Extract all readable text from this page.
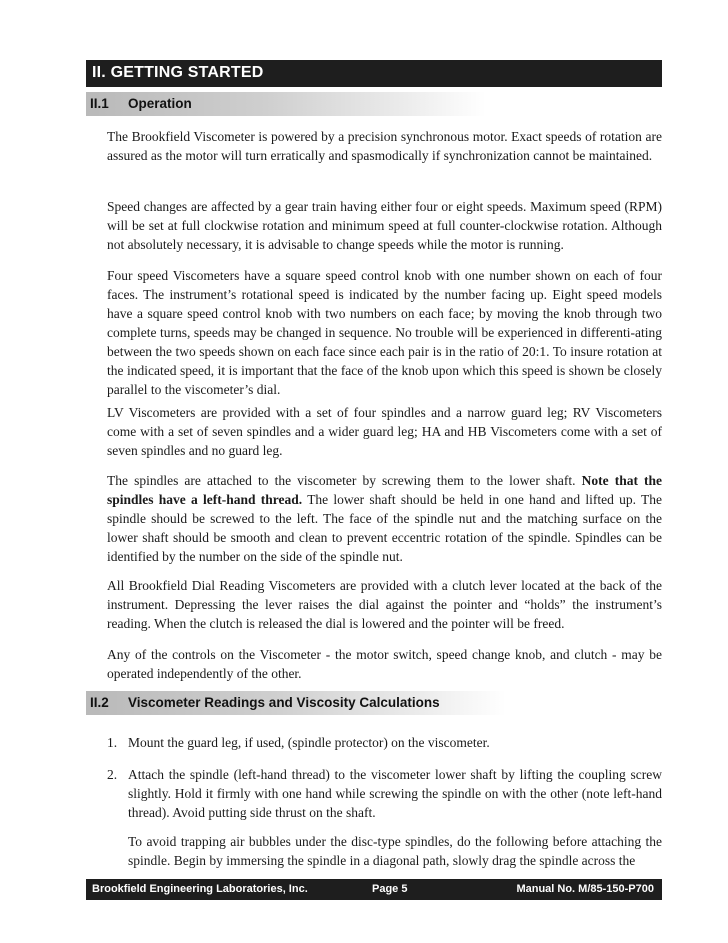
II. GETTING STARTED
II.1 Operation

The Brookfield Viscometer is powered by a precision synchronous motor. Exact speeds of rotation are assured as the motor will turn erratically and spasmodically if synchronization cannot be maintained.

Speed changes are affected by a gear train having either four or eight speeds. Maximum speed (RPM) will be set at full clockwise rotation and minimum speed at full counter-clockwise rotation. Although not absolutely necessary, it is advisable to change speeds while the motor is running.

Four speed Viscometers have a square speed control knob with one number shown on each of four faces. The instrument’s rotational speed is indicated by the number facing up. Eight speed models have a square speed control knob with two numbers on each face; by moving the knob through two complete turns, speeds may be changed in sequence. No trouble will be experienced in differenti-ating between the two speeds shown on each face since each pair is in the ratio of 20:1. To insure rotation at the indicated speed, it is important that the face of the knob upon which this speed is shown be closely parallel to the viscometer’s dial.

LV Viscometers are provided with a set of four spindles and a narrow guard leg; RV Viscometers come with a set of seven spindles and a wider guard leg; HA and HB Viscometers come with a set of seven spindles and no guard leg.

The spindles are attached to the viscometer by screwing them to the lower shaft. Note that the spindles have a left-hand thread. The lower shaft should be held in one hand and lifted up. The spindle should be screwed to the left. The face of the spindle nut and the matching surface on the lower shaft should be smooth and clean to prevent eccentric rotation of the spindle. Spindles can be identified by the number on the side of the spindle nut.

All Brookfield Dial Reading Viscometers are provided with a clutch lever located at the back of the instrument. Depressing the lever raises the dial against the pointer and “holds” the instrument’s reading. When the clutch is released the dial is lowered and the pointer will be freed.

Any of the controls on the Viscometer - the motor switch, speed change knob, and clutch - may be operated independently of the other.

II.2 Viscometer Readings and Viscosity Calculations
1. Mount the guard leg, if used, (spindle protector) on the viscometer.
2. Attach the spindle (left-hand thread) to the viscometer lower shaft by lifting the coupling screw slightly. Hold it firmly with one hand while screwing the spindle on with the other (note left-hand thread). Avoid putting side thrust on the shaft.

To avoid trapping air bubbles under the disc-type spindles, do the following before attaching the spindle. Begin by immersing the spindle in a diagonal path, slowly drag the spindle across the

Brookfield Engineering Laboratories, Inc.	Page 5	Manual No. M/85-150-P700
